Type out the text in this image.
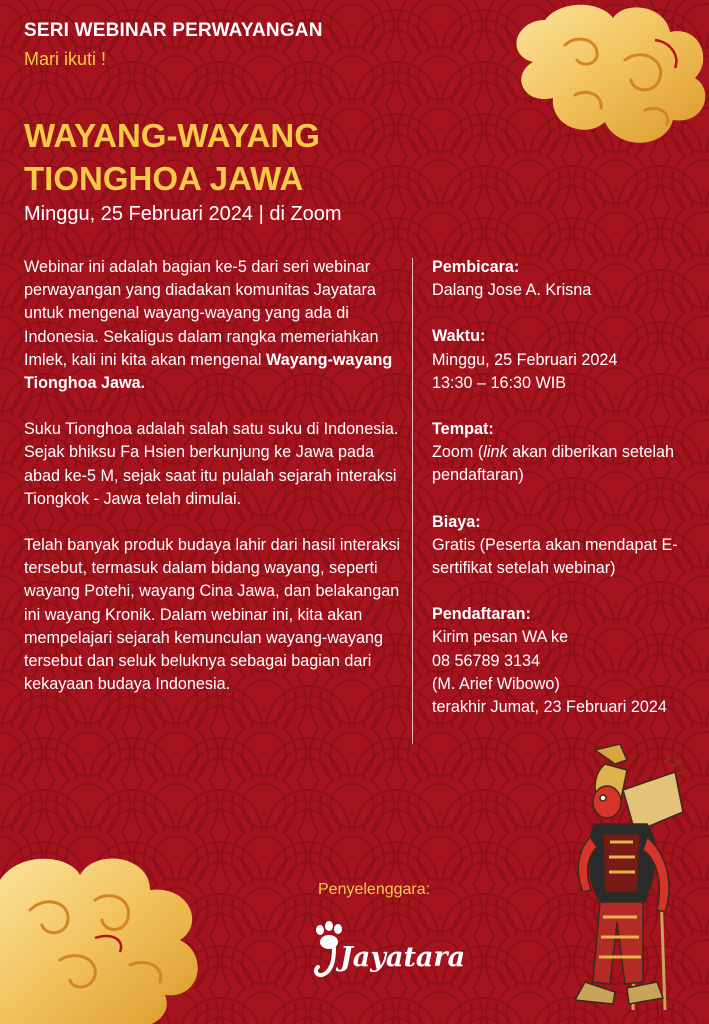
SERI WEBINAR PERWAYANGAN
Mari ikuti !
WAYANG-WAYANG
TIONGHOA JAWA
Minggu, 25 Februari 2024 | di Zoom

Webinar ini adalah bagian ke-5 dari seri webinar perwayangan yang diadakan komunitas Jayatara untuk mengenal wayang-wayang yang ada di Indonesia. Sekaligus dalam rangka memeriahkan Imlek, kali ini kita akan mengenal Wayang-wayang Tionghoa Jawa.

Suku Tionghoa adalah salah satu suku di Indonesia. Sejak bhiksu Fa Hsien berkunjung ke Jawa pada abad ke-5 M, sejak saat itu pulalah sejarah interaksi Tiongkok - Jawa telah dimulai.

Telah banyak produk budaya lahir dari hasil interaksi tersebut, termasuk dalam bidang wayang, seperti wayang Potehi, wayang Cina Jawa, dan belakangan ini wayang Kronik. Dalam webinar ini, kita akan mempelajari sejarah kemunculan wayang-wayang tersebut dan seluk beluknya sebagai bagian dari kekayaan budaya Indonesia.

Pembicara:
Dalang Jose A. Krisna
Waktu:
Minggu, 25 Februari 2024
13:30 – 16:30 WIB
Tempat:
Zoom (link akan diberikan setelah pendaftaran)
Biaya:
Gratis (Peserta akan mendapat E-sertifikat setelah webinar)
Pendaftaran:
Kirim pesan WA ke
08 56789 3134
(M. Arief Wibowo)
terakhir Jumat, 23 Februari 2024
Penyelenggara:
Jayatara
